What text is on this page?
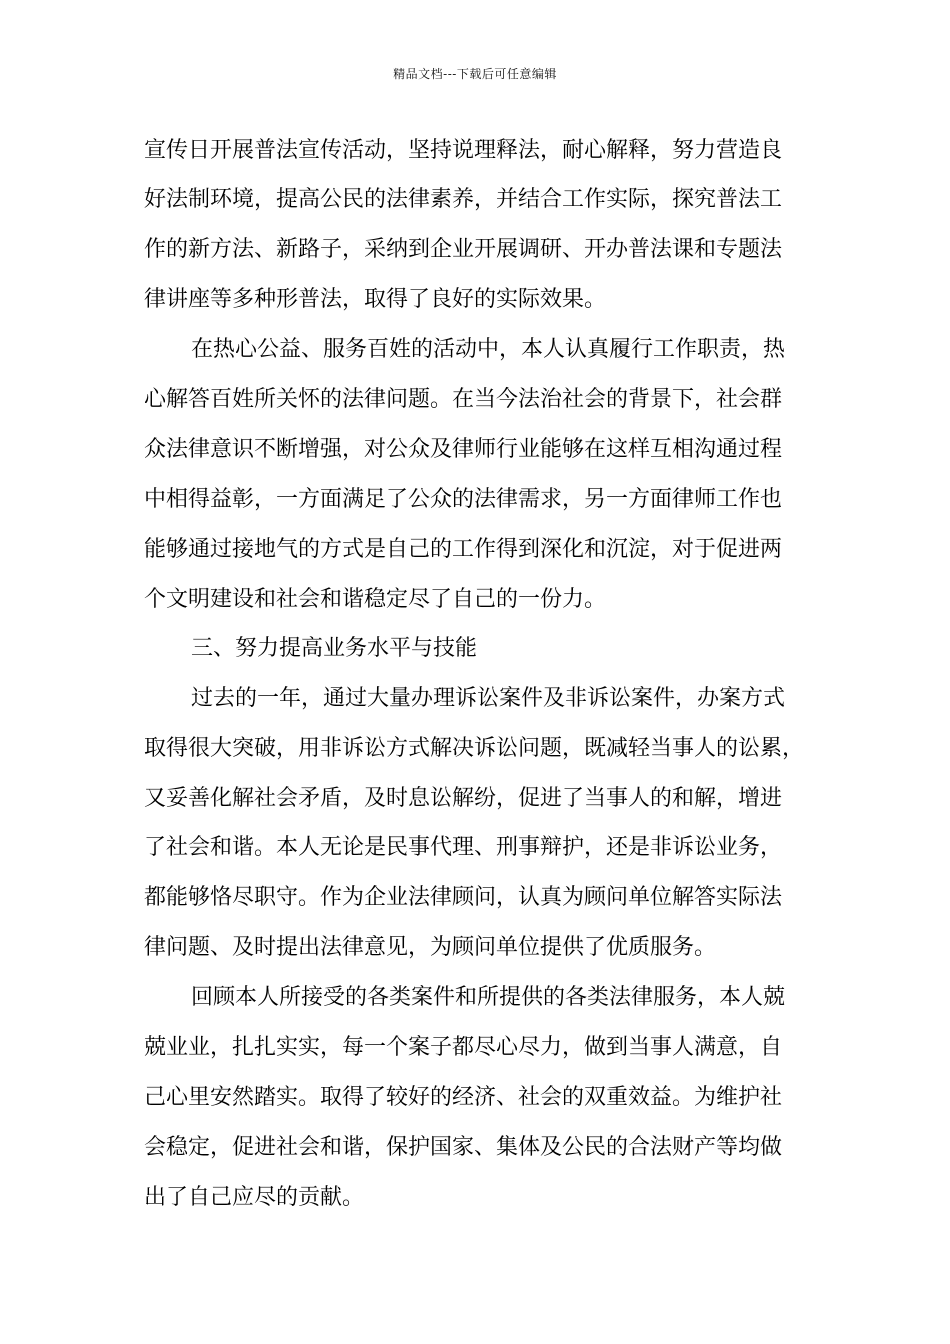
精品文档---下载后可任意编辑
宣传日开展普法宣传活动，坚持说理释法，耐心解释，努力营造良
好法制环境，提高公民的法律素养，并结合工作实际，探究普法工
作的新方法、新路子，采纳到企业开展调研、开办普法课和专题法
律讲座等多种形普法，取得了良好的实际效果。
在热心公益、服务百姓的活动中，本人认真履行工作职责，热
心解答百姓所关怀的法律问题。在当今法治社会的背景下，社会群
众法律意识不断增强，对公众及律师行业能够在这样互相沟通过程
中相得益彰，一方面满足了公众的法律需求，另一方面律师工作也
能够通过接地气的方式是自己的工作得到深化和沉淀，对于促进两
个文明建设和社会和谐稳定尽了自己的一份力。
三、努力提高业务水平与技能
过去的一年，通过大量办理诉讼案件及非诉讼案件，办案方式
取得很大突破，用非诉讼方式解决诉讼问题，既减轻当事人的讼累，
又妥善化解社会矛盾，及时息讼解纷，促进了当事人的和解，增进
了社会和谐。本人无论是民事代理、刑事辩护，还是非诉讼业务，
都能够恪尽职守。作为企业法律顾问，认真为顾问单位解答实际法
律问题、及时提出法律意见，为顾问单位提供了优质服务。
回顾本人所接受的各类案件和所提供的各类法律服务，本人兢
兢业业，扎扎实实，每一个案子都尽心尽力，做到当事人满意，自
己心里安然踏实。取得了较好的经济、社会的双重效益。为维护社
会稳定，促进社会和谐，保护国家、集体及公民的合法财产等均做
出了自己应尽的贡献。
